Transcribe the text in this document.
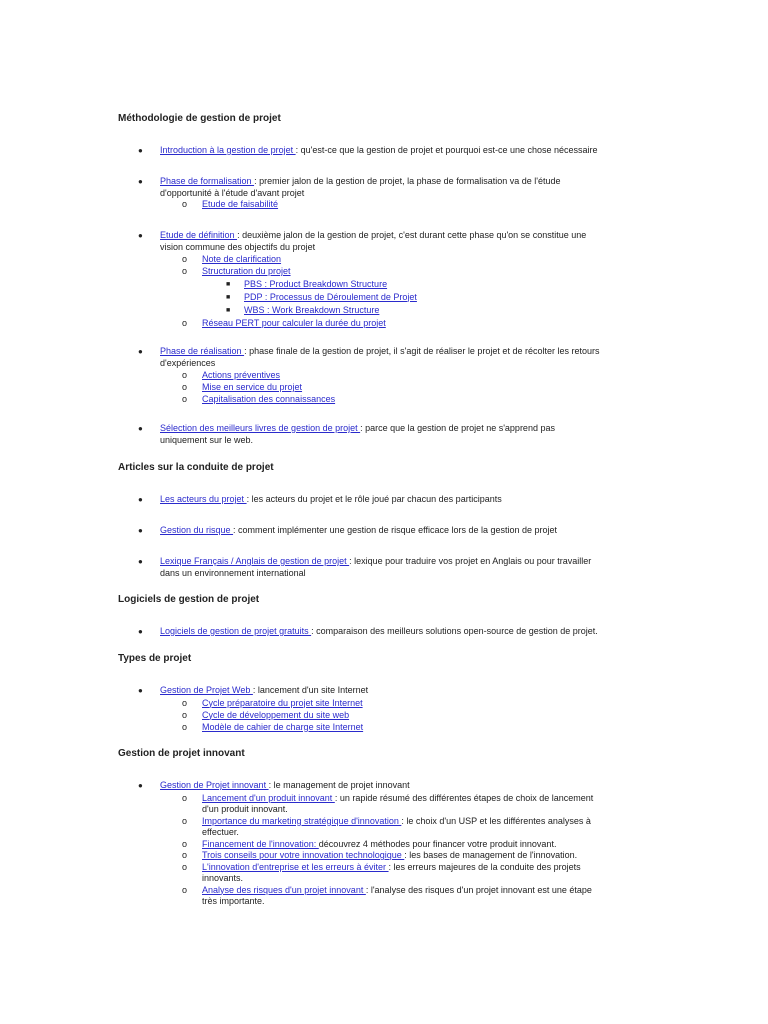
Méthodologie de gestion de projet

● Introduction à la gestion de projet : qu'est-ce que la gestion de projet et pourquoi est-ce une chose nécessaire
● Phase de formalisation : premier jalon de la gestion de projet, la phase de formalisation va de l'étude
d'opportunité à l'étude d'avant projet
o Etude de faisabilité
● Etude de définition : deuxième jalon de la gestion de projet, c'est durant cette phase qu'on se constitue une
vision commune des objectifs du projet
o Note de clarification
o Structuration du projet
■ PBS : Product Breakdown Structure
■ PDP : Processus de Déroulement de Projet
■ WBS : Work Breakdown Structure
o Réseau PERT pour calculer la durée du projet
● Phase de réalisation : phase finale de la gestion de projet, il s'agit de réaliser le projet et de récolter les retours
d'expériences
o Actions préventives
o Mise en service du projet
o Capitalisation des connaissances
● Sélection des meilleurs livres de gestion de projet : parce que la gestion de projet ne s'apprend pas
uniquement sur le web.

Articles sur la conduite de projet

● Les acteurs du projet : les acteurs du projet et le rôle joué par chacun des participants
● Gestion du risque : comment implémenter une gestion de risque efficace lors de la gestion de projet
● Lexique Français / Anglais de gestion de projet : lexique pour traduire vos projet en Anglais ou pour travailler
dans un environnement international

Logiciels de gestion de projet

● Logiciels de gestion de projet gratuits : comparaison des meilleurs solutions open-source de gestion de projet.

Types de projet

● Gestion de Projet Web : lancement d'un site Internet
o Cycle préparatoire du projet site Internet
o Cycle de développement du site web
o Modèle de cahier de charge site Internet

Gestion de projet innovant

● Gestion de Projet innovant : le management de projet innovant
o Lancement d'un produit innovant : un rapide résumé des différentes étapes de choix de lancement
d'un produit innovant.
o Importance du marketing stratégique d'innovation : le choix d'un USP et les différentes analyses à
effectuer.
o Financement de l'innovation: découvrez 4 méthodes pour financer votre produit innovant.
o Trois conseils pour votre innovation technologique : les bases de management de l'innovation.
o L'innovation d'entreprise et les erreurs à éviter : les erreurs majeures de la conduite des projets
innovants.
o Analyse des risques d'un projet innovant : l'analyse des risques d'un projet innovant est une étape
très importante.
